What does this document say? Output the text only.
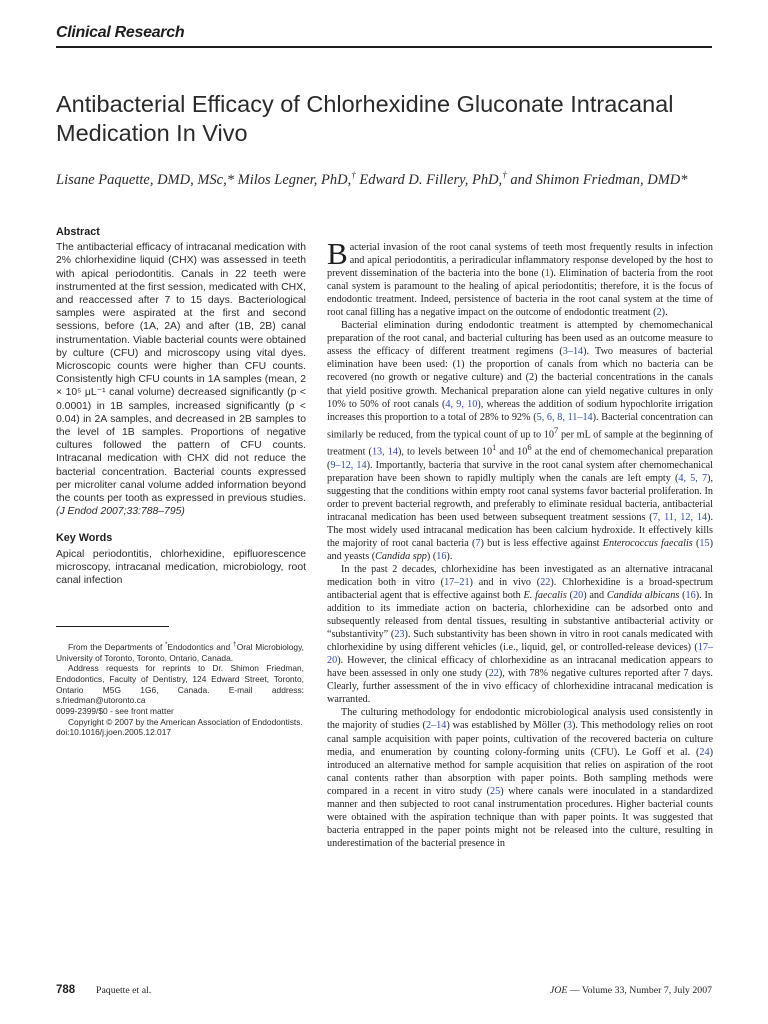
Clinical Research
Antibacterial Efficacy of Chlorhexidine Gluconate Intracanal Medication In Vivo

Lisane Paquette, DMD, MSc,* Milos Legner, PhD,† Edward D. Fillery, PhD,† and Shimon Friedman, DMD*

Abstract

The antibacterial efficacy of intracanal medication with 2% chlorhexidine liquid (CHX) was assessed in teeth with apical periodontitis. Canals in 22 teeth were instrumented at the first session, medicated with CHX, and reaccessed after 7 to 15 days. Bacteriological samples were aspirated at the first and second sessions, before (1A, 2A) and after (1B, 2B) canal instrumentation. Viable bacterial counts were obtained by culture (CFU) and microscopy using vital dyes. Microscopic counts were higher than CFU counts. Consistently high CFU counts in 1A samples (mean, 2 × 10⁵ μL⁻¹ canal volume) decreased significantly (p < 0.0001) in 1B samples, increased significantly (p < 0.04) in 2A samples, and decreased in 2B samples to the level of 1B samples. Proportions of negative cultures followed the pattern of CFU counts. Intracanal medication with CHX did not reduce the bacterial concentration. Bacterial counts expressed per microliter canal volume added information beyond the counts per tooth as expressed in previous studies. (J Endod 2007;33:788–795)

Key Words

Apical periodontitis, chlorhexidine, epifluorescence microscopy, intracanal medication, microbiology, root canal infection

From the Departments of *Endodontics and †Oral Microbiology, University of Toronto, Toronto, Ontario, Canada.

Address requests for reprints to Dr. Shimon Friedman, Endodontics, Faculty of Dentistry, 124 Edward Street, Toronto, Ontario M5G 1G6, Canada. E-mail address: s.friedman@utoronto.ca

0099-2399/$0 - see front matter

Copyright © 2007 by the American Association of Endodontists.

doi:10.1016/j.joen.2005.12.017

Bacterial invasion of the root canal systems of teeth most frequently results in infection and apical periodontitis, a periradicular inflammatory response developed by the host to prevent dissemination of the bacteria into the bone (1). Elimination of bacteria from the root canal system is paramount to the healing of apical periodontitis; therefore, it is the focus of endodontic treatment. Indeed, persistence of bacteria in the root canal system at the time of root canal filling has a negative impact on the outcome of endodontic treatment (2).

Bacterial elimination during endodontic treatment is attempted by chemomechanical preparation of the root canal, and bacterial culturing has been used as an outcome measure to assess the efficacy of different treatment regimens (3–14). Two measures of bacterial elimination have been used: (1) the proportion of canals from which no bacteria can be recovered (no growth or negative culture) and (2) the bacterial concentrations in the canals that yield positive growth. Mechanical preparation alone can yield negative cultures in only 10% to 50% of root canals (4, 9, 10), whereas the addition of sodium hypochlorite irrigation increases this proportion to a total of 28% to 92% (5, 6, 8, 11–14). Bacterial concentration can similarly be reduced, from the typical count of up to $10^7$ per mL of sample at the beginning of treatment (13, 14), to levels between $10^1$ and $10^6$ at the end of chemomechanical preparation (9–12, 14). Importantly, bacteria that survive in the root canal system after chemomechanical preparation have been shown to rapidly multiply when the canals are left empty (4, 5, 7), suggesting that the conditions within empty root canal systems favor bacterial proliferation. In order to prevent bacterial regrowth, and preferably to eliminate residual bacteria, antibacterial intracanal medication has been used between subsequent treatment sessions (7, 11, 12, 14). The most widely used intracanal medication has been calcium hydroxide. It effectively kills the majority of root canal bacteria (7) but is less effective against Enterococcus faecalis (15) and yeasts (Candida spp) (16).

In the past 2 decades, chlorhexidine has been investigated as an alternative intracanal medication both in vitro (17–21) and in vivo (22). Chlorhexidine is a broad-spectrum antibacterial agent that is effective against both E. faecalis (20) and Candida albicans (16). In addition to its immediate action on bacteria, chlorhexidine can be adsorbed onto and subsequently released from dental tissues, resulting in substantive antibacterial activity or “substantivity” (23). Such substantivity has been shown in vitro in root canals medicated with chlorhexidine by using different vehicles (i.e., liquid, gel, or controlled-release devices) (17–20). However, the clinical efficacy of chlorhexidine as an intracanal medication appears to have been assessed in only one study (22), with 78% negative cultures reported after 7 days. Clearly, further assessment of the in vivo efficacy of chlorhexidine intracanal medication is warranted.

The culturing methodology for endodontic microbiological analysis used consistently in the majority of studies (2–14) was established by Möller (3). This methodology relies on root canal sample acquisition with paper points, cultivation of the recovered bacteria on culture media, and enumeration by counting colony-forming units (CFU). Le Goff et al. (24) introduced an alternative method for sample acquisition that relies on aspiration of the root canal contents rather than absorption with paper points. Both sampling methods were compared in a recent in vitro study (25) where canals were inoculated in a standardized manner and then subjected to root canal instrumentation procedures. Higher bacterial counts were obtained with the aspiration technique than with paper points. It was suggested that bacteria entrapped in the paper points might not be released into the culture, resulting in underestimation of the bacterial presence in

788 Paquette et al.	JOE — Volume 33, Number 7, July 2007
